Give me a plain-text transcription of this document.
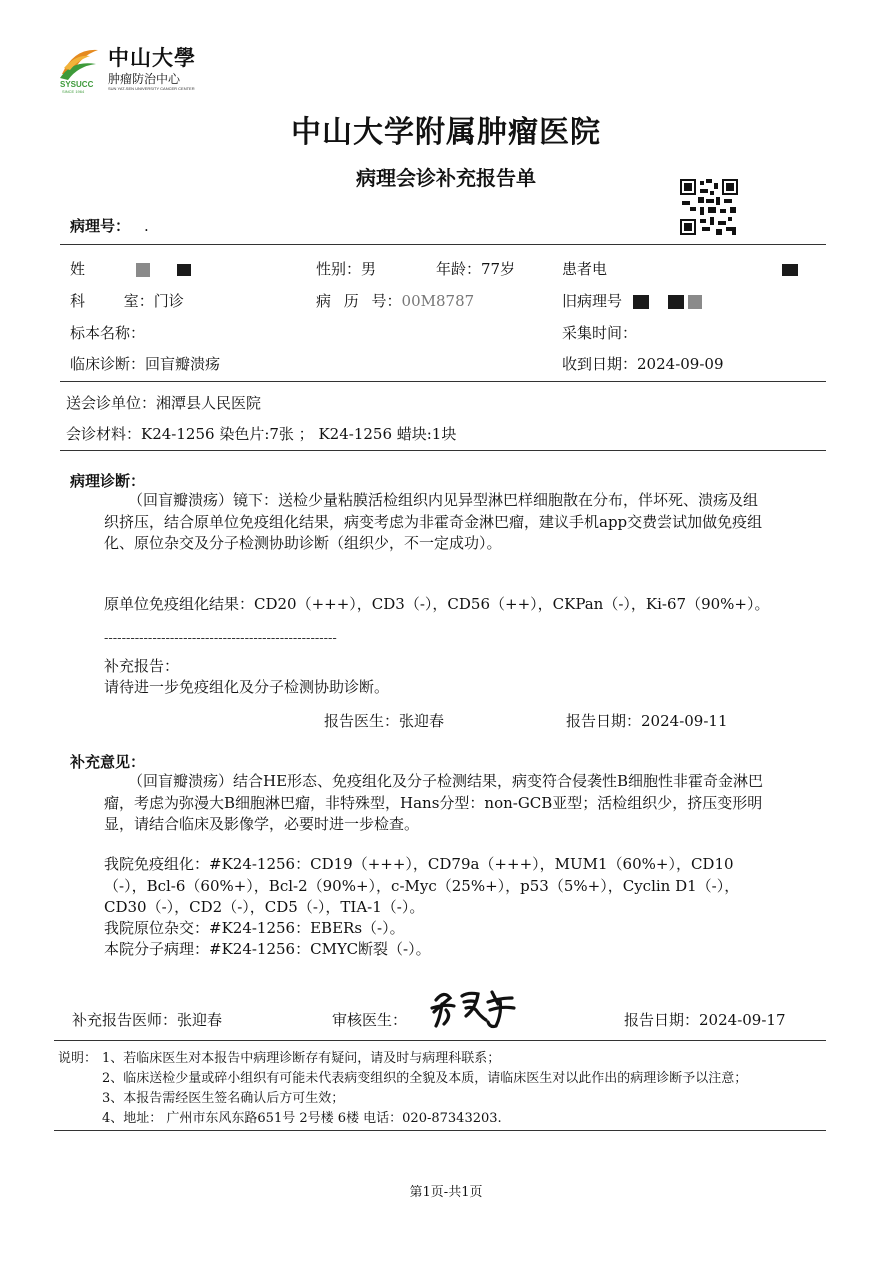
SYSUCC
SINCE 1964
中山大學
肿瘤防治中心
SUN YAT-SEN UNIVERSITY CANCER CENTER
中山大学附属肿瘤医院
病理会诊补充报告单
病理号： .
姓	性别：男	年龄：77岁	患者电
科 室：门诊	病 历 号：00M8787	旧病理号
标本名称：	采集时间：
临床诊断：回盲瓣溃疡	收到日期：2024-09-09
送会诊单位：湘潭县人民医院
会诊材料：K24-1256 染色片:7张 ； K24-1256 蜡块:1块
病理诊断：
（回盲瓣溃疡）镜下：送检少量粘膜活检组织内见异型淋巴样细胞散在分布，伴坏死、溃疡及组织挤压，结合原单位免疫组化结果，病变考虑为非霍奇金淋巴瘤，建议手机app交费尝试加做免疫组化、原位杂交及分子检测协助诊断（组织少，不一定成功）。
原单位免疫组化结果：CD20（+++），CD3（-），CD56（++），CKPan（-），Ki-67（90%+）。
-----------------------------------------------------
补充报告：
请待进一步免疫组化及分子检测协助诊断。
报告医生：张迎春	报告日期：2024-09-11
补充意见：
（回盲瓣溃疡）结合HE形态、免疫组化及分子检测结果，病变符合侵袭性B细胞性非霍奇金淋巴瘤，考虑为弥漫大B细胞淋巴瘤，非特殊型，Hans分型：non-GCB亚型；活检组织少，挤压变形明显，请结合临床及影像学，必要时进一步检查。
我院免疫组化：#K24-1256：CD19（+++），CD79a（+++），MUM1（60%+），CD10（-），Bcl-6（60%+），Bcl-2（90%+），c-Myc（25%+），p53（5%+），Cyclin D1（-），CD30（-），CD2（-），CD5（-），TIA-1（-）。
我院原位杂交：#K24-1256：EBERs（-）。
本院分子病理：#K24-1256：CMYC断裂（-）。
补充报告医师：张迎春	审核医生：	报告日期：2024-09-17
说明： 1、若临床医生对本报告中病理诊断存有疑问，请及时与病理科联系；
2、临床送检少量或碎小组织有可能未代表病变组织的全貌及本质，请临床医生对以此作出的病理诊断予以注意；
3、本报告需经医生签名确认后方可生效；
4、地址： 广州市东风东路651号 2号楼 6楼 电话：020-87343203.
第1页-共1页
